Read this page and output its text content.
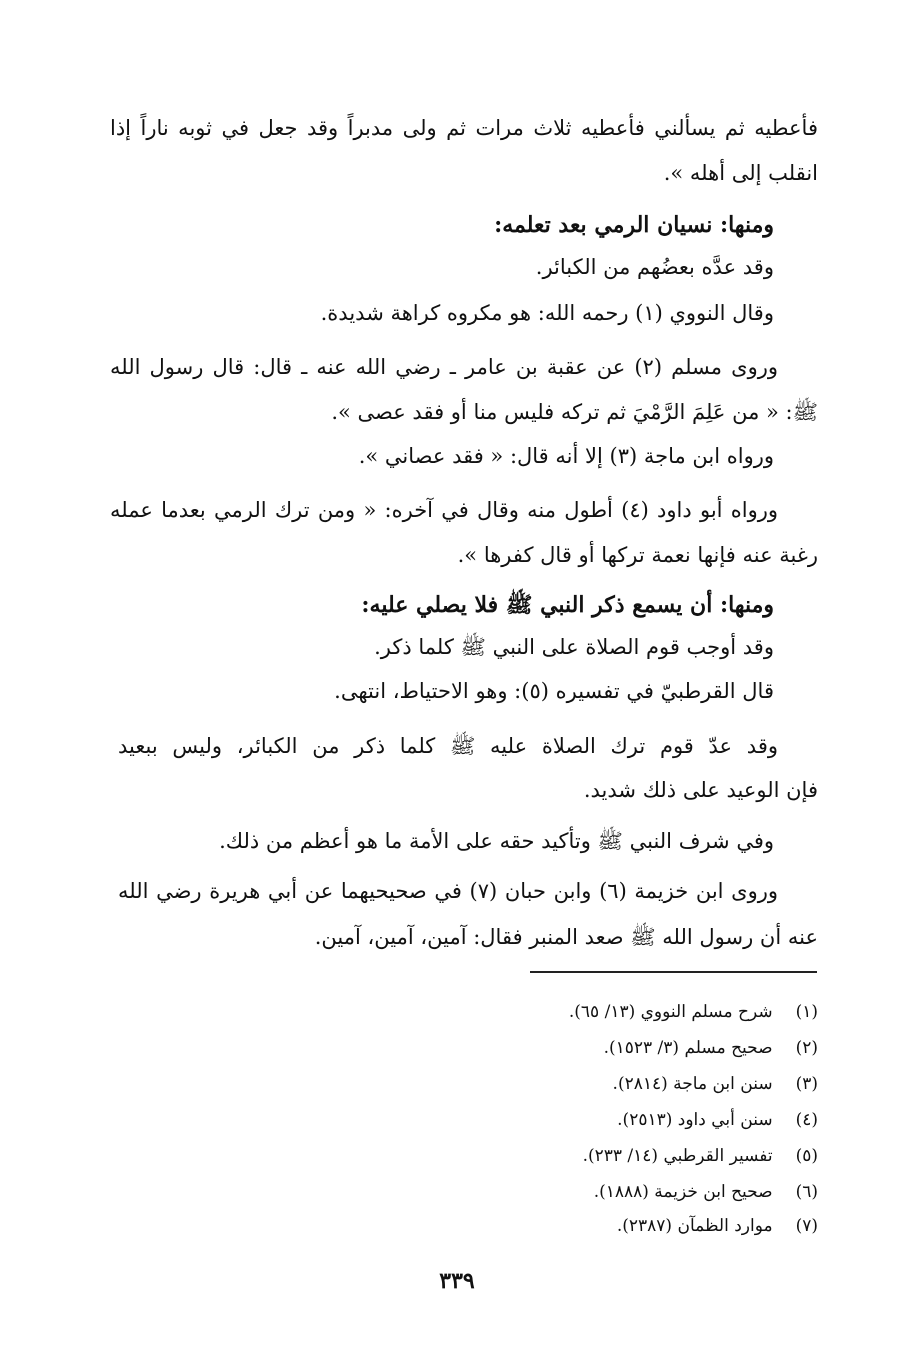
فأعطيه ثم يسألني فأعطيه ثلاث مرات ثم ولى مدبراً وقد جعل في ثوبه ناراً إذا
انقلب إلى أهله ».
ومنها: نسيان الرمي بعد تعلمه:
وقد عدَّه بعضُهم من الكبائر.
وقال النووي (١) رحمه الله: هو مكروه كراهة شديدة.
وروى مسلم (٢) عن عقبة بن عامر ـ رضي الله عنه ـ قال: قال رسول الله
ﷺ: « من عَلِمَ الرَّمْيَ ثم تركه فليس منا أو فقد عصى ».
ورواه ابن ماجة (٣) إلا أنه قال: « فقد عصاني ».
ورواه أبو داود (٤) أطول منه وقال في آخره: « ومن ترك الرمي بعدما عمله
رغبة عنه فإنها نعمة تركها أو قال كفرها ».
ومنها: أن يسمع ذكر النبي ﷺ فلا يصلي عليه:
وقد أوجب قوم الصلاة على النبي ﷺ كلما ذكر.
قال القرطبيّ في تفسيره (٥): وهو الاحتياط، انتهى.
وقد عدّ قوم ترك الصلاة عليه ﷺ كلما ذكر من الكبائر، وليس ببعيد
فإن الوعيد على ذلك شديد.
وفي شرف النبي ﷺ وتأكيد حقه على الأمة ما هو أعظم من ذلك.
وروى ابن خزيمة (٦) وابن حبان (٧) في صحيحيهما عن أبي هريرة رضي الله
عنه أن رسول الله ﷺ صعد المنبر فقال: آمين، آمين، آمين.
(١) شرح مسلم النووي (١٣/ ٦٥).
(٢) صحيح مسلم (٣/ ١٥٢٣).
(٣) سنن ابن ماجة (٢٨١٤).
(٤) سنن أبي داود (٢٥١٣).
(٥) تفسير القرطبي (١٤/ ٢٣٣).
(٦) صحيح ابن خزيمة (١٨٨٨).
(٧) موارد الظمآن (٢٣٨٧).
٣٣٩
